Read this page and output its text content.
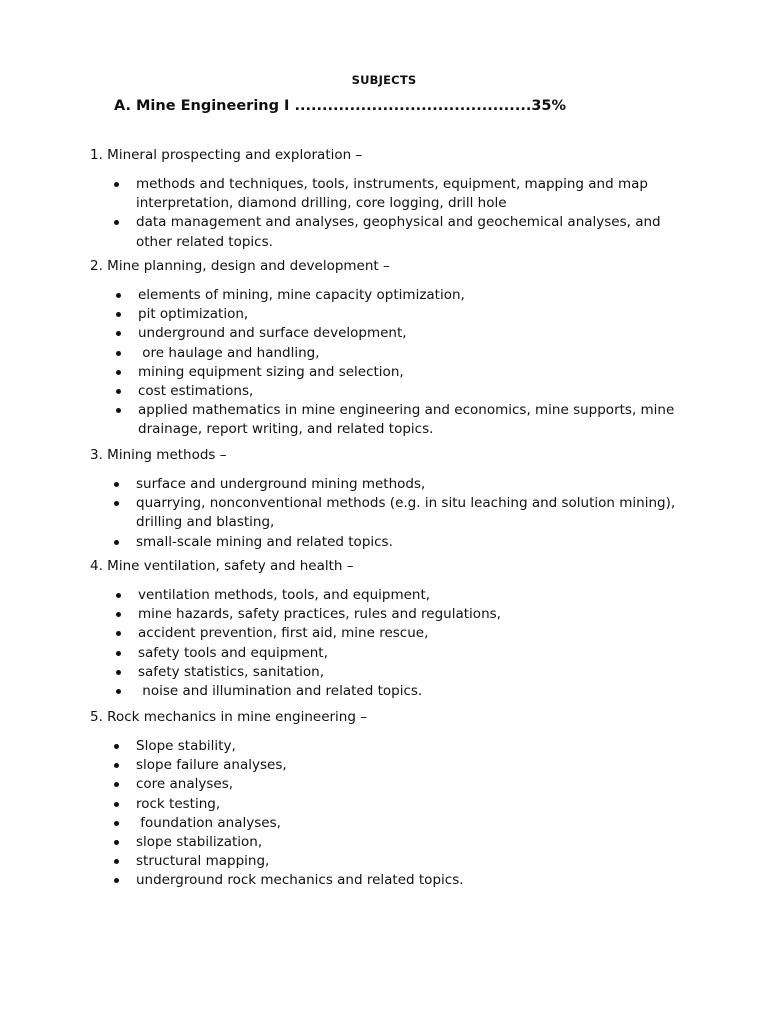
SUBJECTS
A. Mine Engineering I ...........................................35%
1. Mineral prospecting and exploration –
methods and techniques, tools, instruments, equipment, mapping and map interpretation, diamond drilling, core logging, drill hole
data management and analyses, geophysical and geochemical analyses, and other related topics.
2. Mine planning, design and development –
elements of mining, mine capacity optimization,
pit optimization,
underground and surface development,
ore haulage and handling,
mining equipment sizing and selection,
cost estimations,
applied mathematics in mine engineering and economics, mine supports, mine drainage, report writing, and related topics.
3. Mining methods –
surface and underground mining methods,
quarrying, nonconventional methods (e.g. in situ leaching and solution mining), drilling and blasting,
small-scale mining and related topics.
4. Mine ventilation, safety and health –
ventilation methods, tools, and equipment,
mine hazards, safety practices, rules and regulations,
accident prevention, first aid, mine rescue,
safety tools and equipment,
safety statistics, sanitation,
noise and illumination and related topics.
5. Rock mechanics in mine engineering –
Slope stability,
slope failure analyses,
core analyses,
rock testing,
foundation analyses,
slope stabilization,
structural mapping,
underground rock mechanics and related topics.
